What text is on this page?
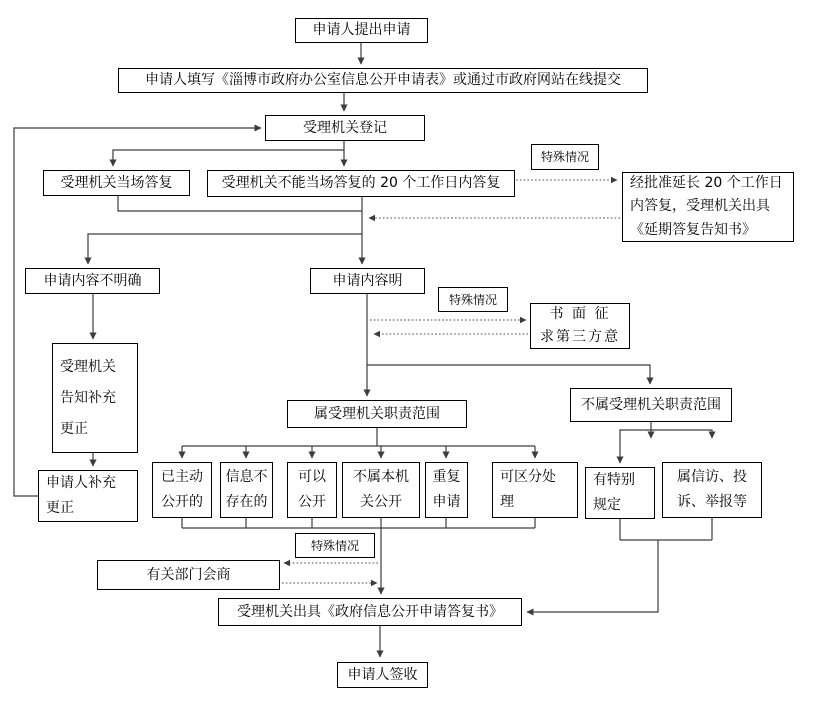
申请人提出申请
申请人填写《淄博市政府办公室信息公开申请表》或通过市政府网站在线提交
受理机关登记
受理机关当场答复	受理机关不能当场答复的 20 个工作日内答复
特殊情况
经批准延长 20 个工作日
内答复，受理机关出具
《延期答复告知书》
申请内容不明确	申请内容明
特殊情况
书 面 征
求第三方意
受理机关
告知补充
更正
申请人补充
更正
属受理机关职责范围
不属受理机关职责范围
已主动
公开的
信息不
存在的
可以
公开
不属本机
关公开
重复
申请
可区分处
理
有特别
规定
属信访、投
诉、举报等
特殊情况
有关部门会商
受理机关出具《政府信息公开申请答复书》
申请人签收
